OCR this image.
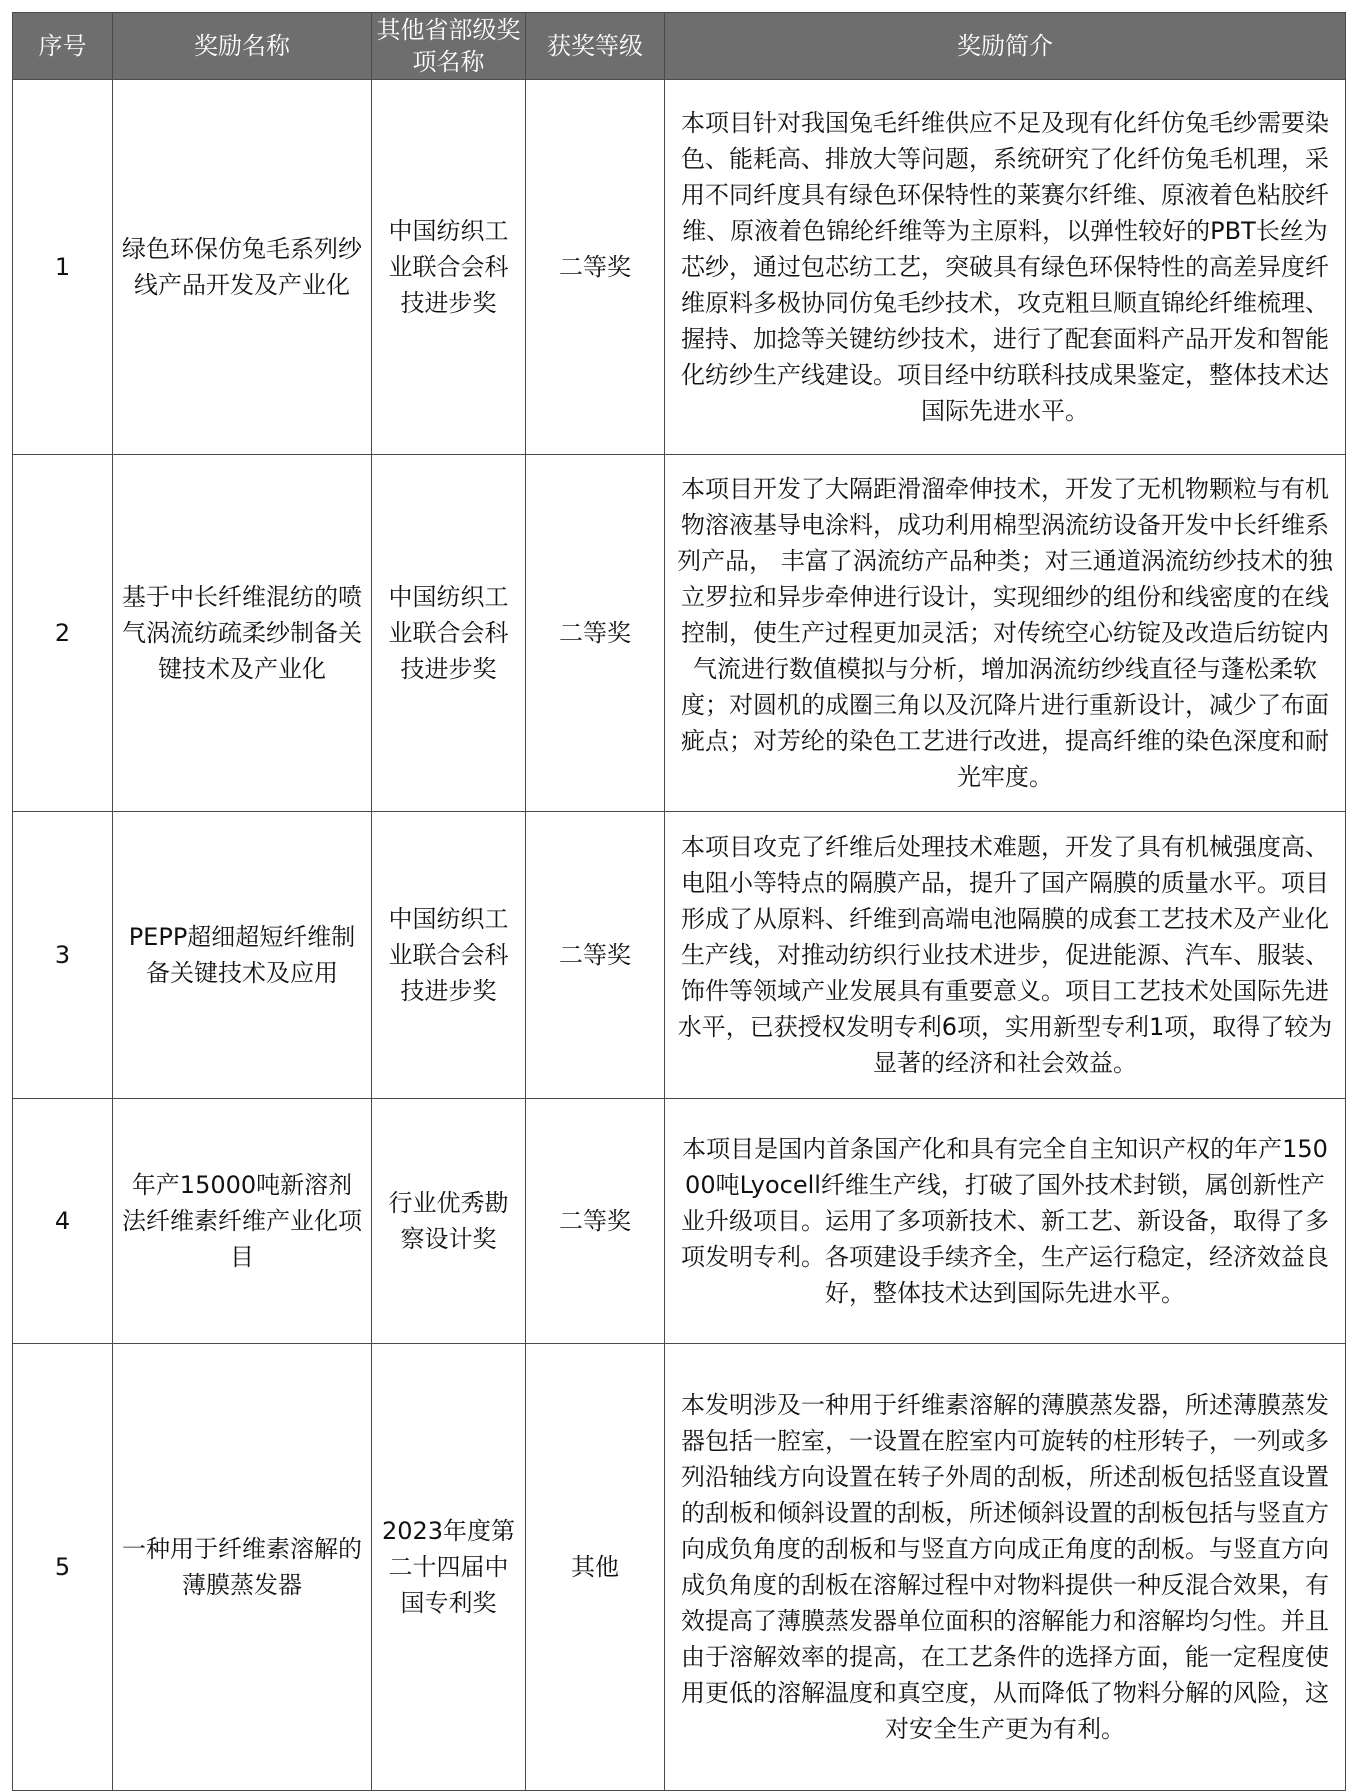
序号	奖励名称	其他省部级奖项名称	获奖等级	奖励简介
1	绿色环保仿兔毛系列纱线产品开发及产业化	中国纺织工业联合会科技进步奖	二等奖	本项目针对我国兔毛纤维供应不足及现有化纤仿兔毛纱需要染色、能耗高、排放大等问题，系统研究了化纤仿兔毛机理，采用不同纤度具有绿色环保特性的莱赛尔纤维、原液着色粘胶纤维、原液着色锦纶纤维等为主原料，以弹性较好的PBT长丝为芯纱，通过包芯纺工艺，突破具有绿色环保特性的高差异度纤维原料多极协同仿兔毛纱技术，攻克粗旦顺直锦纶纤维梳理、握持、加捻等关键纺纱技术，进行了配套面料产品开发和智能化纺纱生产线建设。项目经中纺联科技成果鉴定，整体技术达国际先进水平。
2	基于中长纤维混纺的喷气涡流纺疏柔纱制备关键技术及产业化	中国纺织工业联合会科技进步奖	二等奖	本项目开发了大隔距滑溜牵伸技术，开发了无机物颗粒与有机物溶液基导电涂料，成功利用棉型涡流纺设备开发中长纤维系列产品， 丰富了涡流纺产品种类；对三通道涡流纺纱技术的独立罗拉和异步牵伸进行设计，实现细纱的组份和线密度的在线控制，使生产过程更加灵活；对传统空心纺锭及改造后纺锭内气流进行数值模拟与分析，增加涡流纺纱线直径与蓬松柔软度；对圆机的成圈三角以及沉降片进行重新设计，减少了布面疵点；对芳纶的染色工艺进行改进，提高纤维的染色深度和耐光牢度。
3	PEPP超细超短纤维制备关键技术及应用	中国纺织工业联合会科技进步奖	二等奖	本项目攻克了纤维后处理技术难题，开发了具有机械强度高、电阻小等特点的隔膜产品，提升了国产隔膜的质量水平。项目形成了从原料、纤维到高端电池隔膜的成套工艺技术及产业化生产线，对推动纺织行业技术进步，促进能源、汽车、服装、饰件等领域产业发展具有重要意义。项目工艺技术处国际先进水平，已获授权发明专利6项，实用新型专利1项，取得了较为显著的经济和社会效益。
4	年产15000吨新溶剂法纤维素纤维产业化项目	行业优秀勘察设计奖	二等奖	本项目是国内首条国产化和具有完全自主知识产权的年产15000吨Lyocell纤维生产线，打破了国外技术封锁，属创新性产业升级项目。运用了多项新技术、新工艺、新设备，取得了多项发明专利。各项建设手续齐全，生产运行稳定，经济效益良好，整体技术达到国际先进水平。
5	一种用于纤维素溶解的薄膜蒸发器	2023年度第二十四届中国专利奖	其他	本发明涉及一种用于纤维素溶解的薄膜蒸发器，所述薄膜蒸发器包括一腔室，一设置在腔室内可旋转的柱形转子，一列或多列沿轴线方向设置在转子外周的刮板，所述刮板包括竖直设置的刮板和倾斜设置的刮板，所述倾斜设置的刮板包括与竖直方向成负角度的刮板和与竖直方向成正角度的刮板。与竖直方向成负角度的刮板在溶解过程中对物料提供一种反混合效果，有效提高了薄膜蒸发器单位面积的溶解能力和溶解均匀性。并且由于溶解效率的提高，在工艺条件的选择方面，能一定程度使用更低的溶解温度和真空度，从而降低了物料分解的风险，这对安全生产更为有利。
